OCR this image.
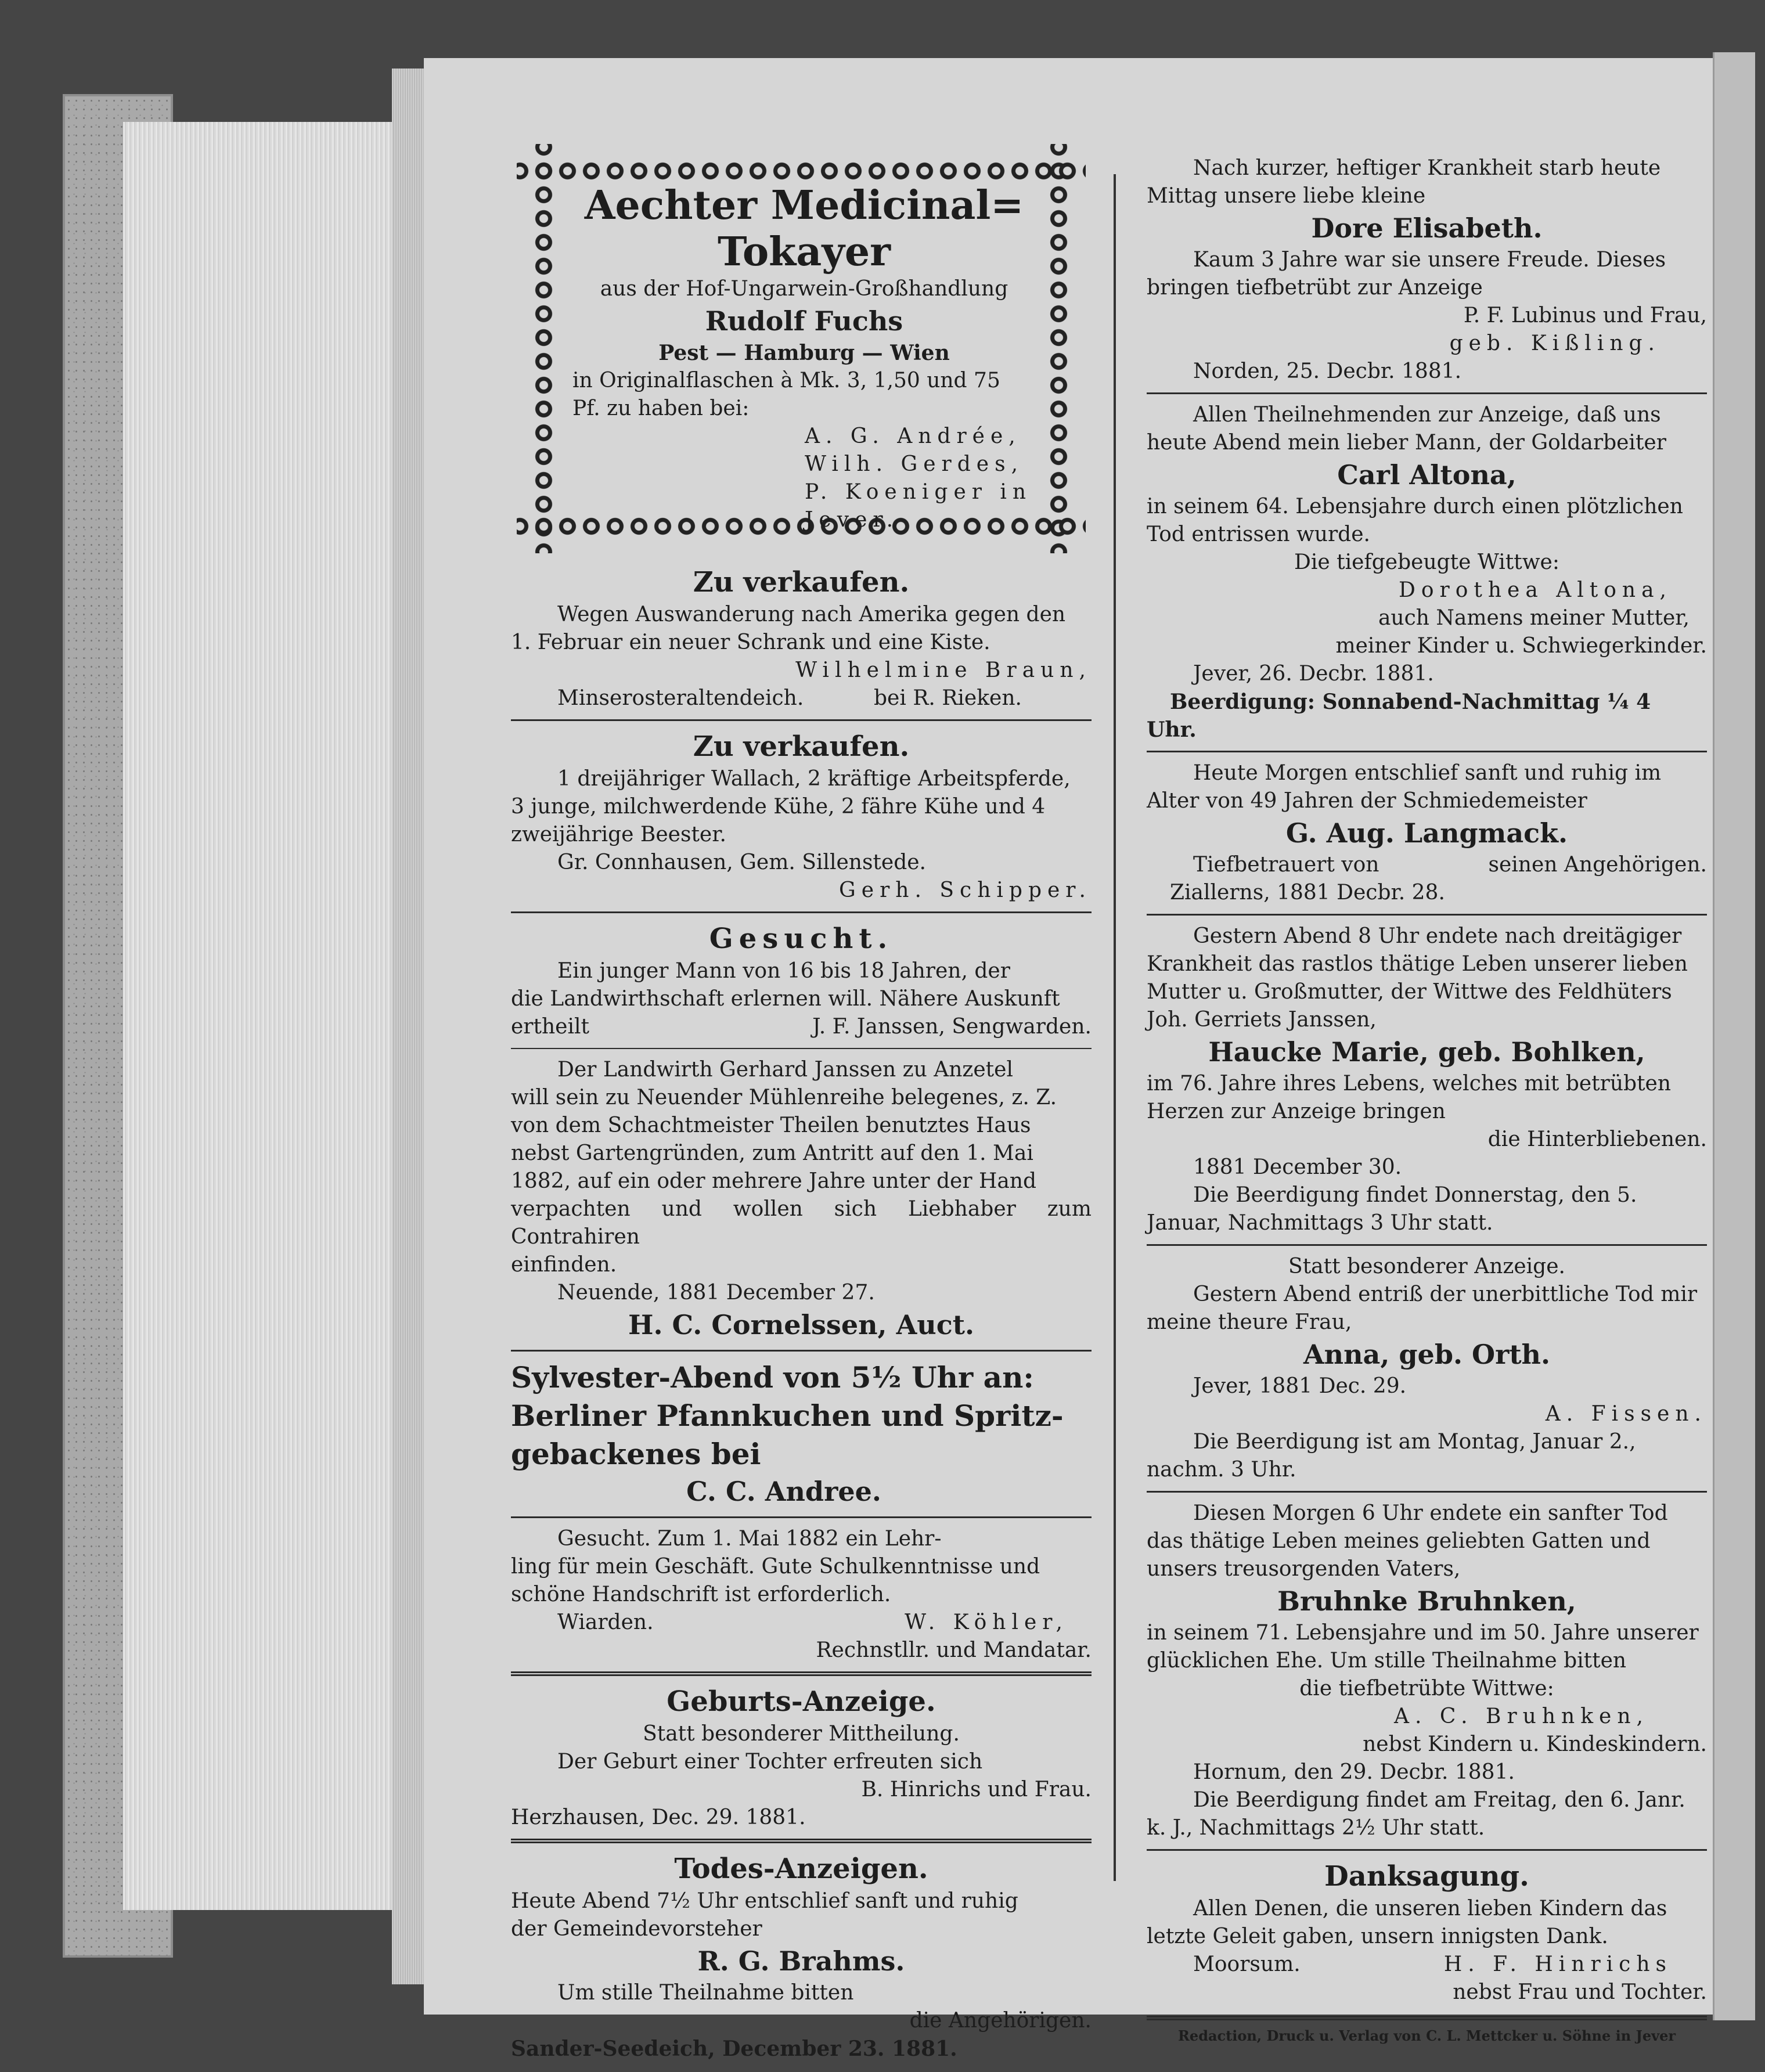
Aechter Medicinal=

Tokayer

aus der Hof-Ungarwein-Großhandlung

Rudolf Fuchs

Pest — Hamburg — Wien

in Originalflaschen à Mk. 3, 1,50 und 75

Pf. zu haben bei:

A. G. Andrée,

Wilh. Gerdes,

P. Koeniger in Jever.

Zu verkaufen.

Wegen Auswanderung nach Amerika gegen den

1. Februar ein neuer Schrank und eine Kiste.

Wilhelmine Braun,

Minserosteraltendeich.	bei R. Rieken.

Zu verkaufen.

1 dreijähriger Wallach, 2 kräftige Arbeitspferde,

3 junge, milchwerdende Kühe, 2 fähre Kühe und 4

zweijährige Beester.

Gr. Connhausen, Gem. Sillenstede.

Gerh. Schipper.

Gesucht.

Ein junger Mann von 16 bis 18 Jahren, der

die Landwirthschaft erlernen will. Nähere Auskunft

ertheilt	J. F. Janssen, Sengwarden.

Der Landwirth Gerhard Janssen zu Anzetel

will sein zu Neuender Mühlenreihe belegenes, z. Z.

von dem Schachtmeister Theilen benutztes Haus

nebst Gartengründen, zum Antritt auf den 1. Mai

1882, auf ein oder mehrere Jahre unter der Hand

verpachten und wollen sich Liebhaber zum Contrahiren

einfinden.

Neuende, 1881 December 27.

H. C. Cornelssen, Auct.

Sylvester-Abend von 5½ Uhr an:

Berliner Pfannkuchen und Spritz-

gebackenes bei

C. C. Andree.

Gesucht. Zum 1. Mai 1882 ein Lehr-

ling für mein Geschäft. Gute Schulkenntnisse und

schöne Handschrift ist erforderlich.

Wiarden.	W. Köhler,

Rechnstllr. und Mandatar.

Geburts-Anzeige.

Statt besonderer Mittheilung.

Der Geburt einer Tochter erfreuten sich

B. Hinrichs und Frau.

Herzhausen, Dec. 29. 1881.

Todes-Anzeigen.

Heute Abend 7½ Uhr entschlief sanft und ruhig

der Gemeindevorsteher

R. G. Brahms.

Um stille Theilnahme bitten

die Angehörigen.

Sander-Seedeich, December 23. 1881.

Nach kurzer, heftiger Krankheit starb heute

Mittag unsere liebe kleine

Dore Elisabeth.

Kaum 3 Jahre war sie unsere Freude. Dieses

bringen tiefbetrübt zur Anzeige

P. F. Lubinus und Frau,

geb. Kißling.

Norden, 25. Decbr. 1881.

Allen Theilnehmenden zur Anzeige, daß uns

heute Abend mein lieber Mann, der Goldarbeiter

Carl Altona,

in seinem 64. Lebensjahre durch einen plötzlichen

Tod entrissen wurde.

Die tiefgebeugte Wittwe:

Dorothea Altona,

auch Namens meiner Mutter,

meiner Kinder u. Schwiegerkinder.

Jever, 26. Decbr. 1881.

Beerdigung: Sonnabend-Nachmittag ¼ 4 Uhr.

Heute Morgen entschlief sanft und ruhig im

Alter von 49 Jahren der Schmiedemeister

G. Aug. Langmack.

Tiefbetrauert von	seinen Angehörigen.

Ziallerns, 1881 Decbr. 28.

Gestern Abend 8 Uhr endete nach dreitägiger

Krankheit das rastlos thätige Leben unserer lieben

Mutter u. Großmutter, der Wittwe des Feldhüters

Joh. Gerriets Janssen,

Haucke Marie, geb. Bohlken,

im 76. Jahre ihres Lebens, welches mit betrübten

Herzen zur Anzeige bringen

die Hinterbliebenen.

1881 December 30.

Die Beerdigung findet Donnerstag, den 5.

Januar, Nachmittags 3 Uhr statt.

Statt besonderer Anzeige.

Gestern Abend entriß der unerbittliche Tod mir

meine theure Frau,

Anna, geb. Orth.

Jever, 1881 Dec. 29.

A. Fissen.

Die Beerdigung ist am Montag, Januar 2.,

nachm. 3 Uhr.

Diesen Morgen 6 Uhr endete ein sanfter Tod

das thätige Leben meines geliebten Gatten und

unsers treusorgenden Vaters,

Bruhnke Bruhnken,

in seinem 71. Lebensjahre und im 50. Jahre unserer

glücklichen Ehe. Um stille Theilnahme bitten

die tiefbetrübte Wittwe:

A. C. Bruhnken,

nebst Kindern u. Kindeskindern.

Hornum, den 29. Decbr. 1881.

Die Beerdigung findet am Freitag, den 6. Janr.

k. J., Nachmittags 2½ Uhr statt.

Danksagung.

Allen Denen, die unseren lieben Kindern das

letzte Geleit gaben, unsern innigsten Dank.

Moorsum.	H. F. Hinrichs

nebst Frau und Tochter.

Redaction, Druck u. Verlag von C. L. Mettcker u. Söhne in Jever
